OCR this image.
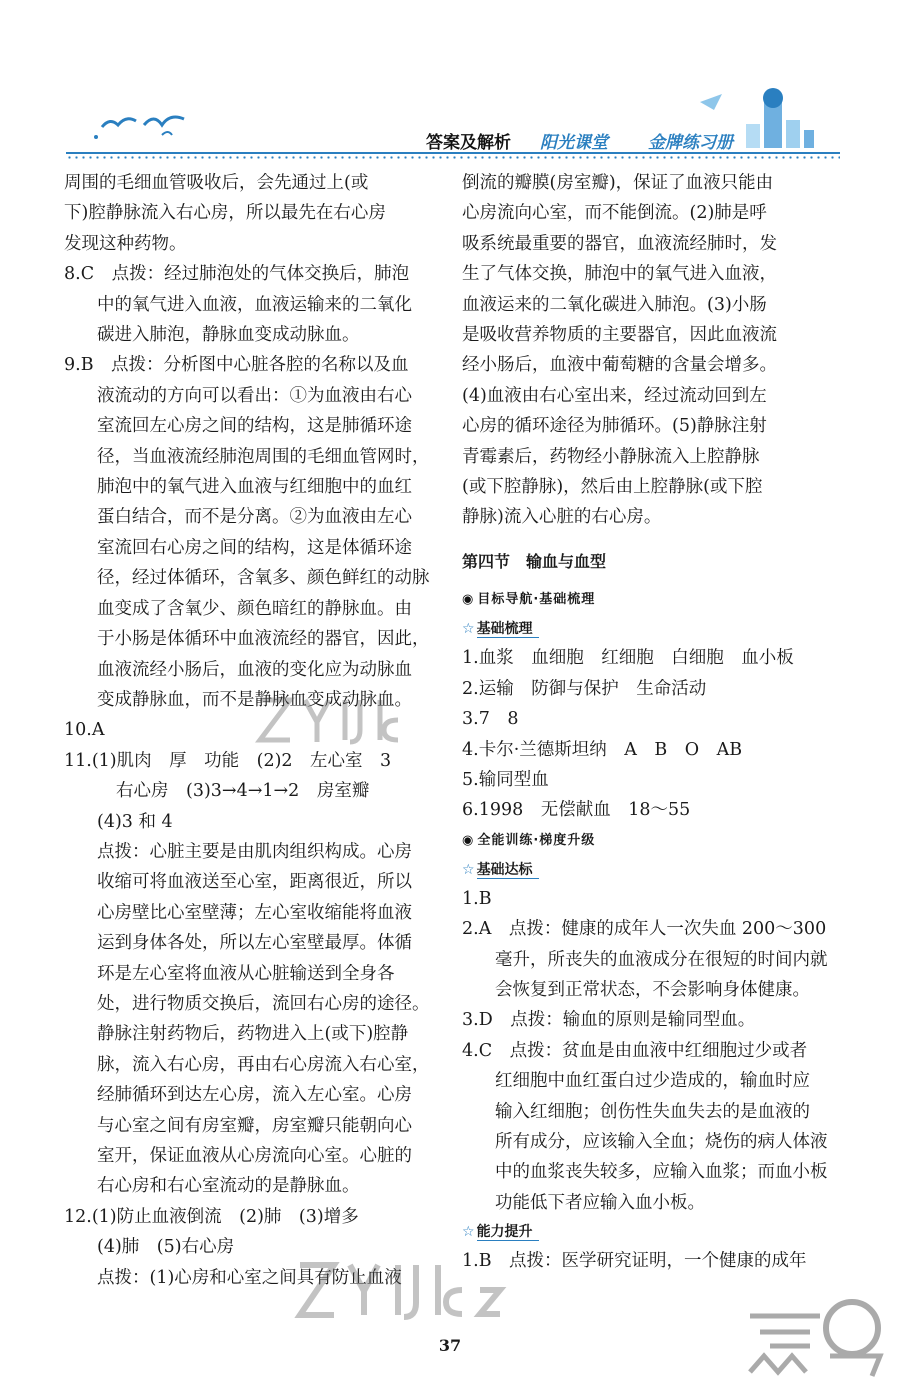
答案及解析 阳光课堂 金牌练习册

周围的毛细血管吸收后，会先通过上(或

下)腔静脉流入右心房，所以最先在右心房

发现这种药物。

8.C　点拨：经过肺泡处的气体交换后，肺泡

中的氧气进入血液，血液运输来的二氧化

碳进入肺泡，静脉血变成动脉血。

9.B　点拨：分析图中心脏各腔的名称以及血

液流动的方向可以看出：①为血液由右心

室流回左心房之间的结构，这是肺循环途

径，当血液流经肺泡周围的毛细血管网时，

肺泡中的氧气进入血液与红细胞中的血红

蛋白结合，而不是分离。②为血液由左心

室流回右心房之间的结构，这是体循环途

径，经过体循环，含氧多、颜色鲜红的动脉

血变成了含氧少、颜色暗红的静脉血。由

于小肠是体循环中血液流经的器官，因此，

血液流经小肠后，血液的变化应为动脉血

变成静脉血，而不是静脉血变成动脉血。

10.A

11.(1)肌肉　厚　功能　(2)2　左心室　3

右心房　(3)3→4→1→2　房室瓣

(4)3 和 4

点拨：心脏主要是由肌肉组织构成。心房

收缩可将血液送至心室，距离很近，所以

心房壁比心室壁薄；左心室收缩能将血液

运到身体各处，所以左心室壁最厚。体循

环是左心室将血液从心脏输送到全身各

处，进行物质交换后，流回右心房的途径。

静脉注射药物后，药物进入上(或下)腔静

脉，流入右心房，再由右心房流入右心室，

经肺循环到达左心房，流入左心室。心房

与心室之间有房室瓣，房室瓣只能朝向心

室开，保证血液从心房流向心室。心脏的

右心房和右心室流动的是静脉血。

12.(1)防止血液倒流　(2)肺　(3)增多

(4)肺　(5)右心房

点拨：(1)心房和心室之间具有防止血液

倒流的瓣膜(房室瓣)，保证了血液只能由

心房流向心室，而不能倒流。(2)肺是呼

吸系统最重要的器官，血液流经肺时，发

生了气体交换，肺泡中的氧气进入血液，

血液运来的二氧化碳进入肺泡。(3)小肠

是吸收营养物质的主要器官，因此血液流

经小肠后，血液中葡萄糖的含量会增多。

(4)血液由右心室出来，经过流动回到左

心房的循环途径为肺循环。(5)静脉注射

青霉素后，药物经小静脉流入上腔静脉

(或下腔静脉)，然后由上腔静脉(或下腔

静脉)流入心脏的右心房。

第四节　输血与血型

◉ 目标导航·基础梳理

☆ 基础梳理

1.血浆　血细胞　红细胞　白细胞　血小板

2.运输　防御与保护　生命活动

3.7　8

4.卡尔·兰德斯坦纳　A　B　O　AB

5.输同型血

6.1998　无偿献血　18～55

◉ 全能训练·梯度升级

☆ 基础达标

1.B

2.A　点拨：健康的成年人一次失血 200～300

毫升，所丧失的血液成分在很短的时间内就

会恢复到正常状态，不会影响身体健康。

3.D　点拨：输血的原则是输同型血。

4.C　点拨：贫血是由血液中红细胞过少或者

红细胞中血红蛋白过少造成的，输血时应

输入红细胞；创伤性失血失去的是血液的

所有成分，应该输入全血；烧伤的病人体液

中的血浆丧失较多，应输入血浆；而血小板

功能低下者应输入血小板。

☆ 能力提升

1.B　点拨：医学研究证明，一个健康的成年

37
